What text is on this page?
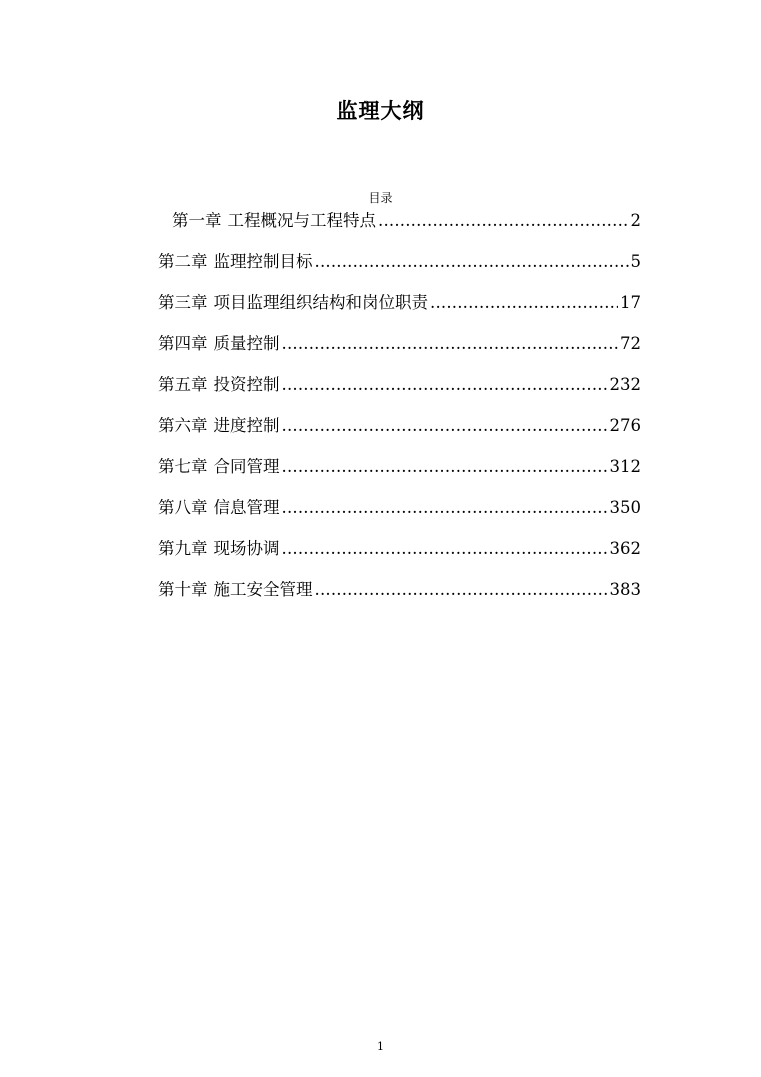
监理大纲
目录
第一章 工程概况与工程特点 .....	2
第二章 监理控制目标 .....	5
第三章 项目监理组织结构和岗位职责 .....	17
第四章 质量控制 .....	72
第五章 投资控制 .....	232
第六章 进度控制 .....	276
第七章 合同管理 .....	312
第八章 信息管理 .....	350
第九章 现场协调 .....	362
第十章 施工安全管理 .....	383
1
